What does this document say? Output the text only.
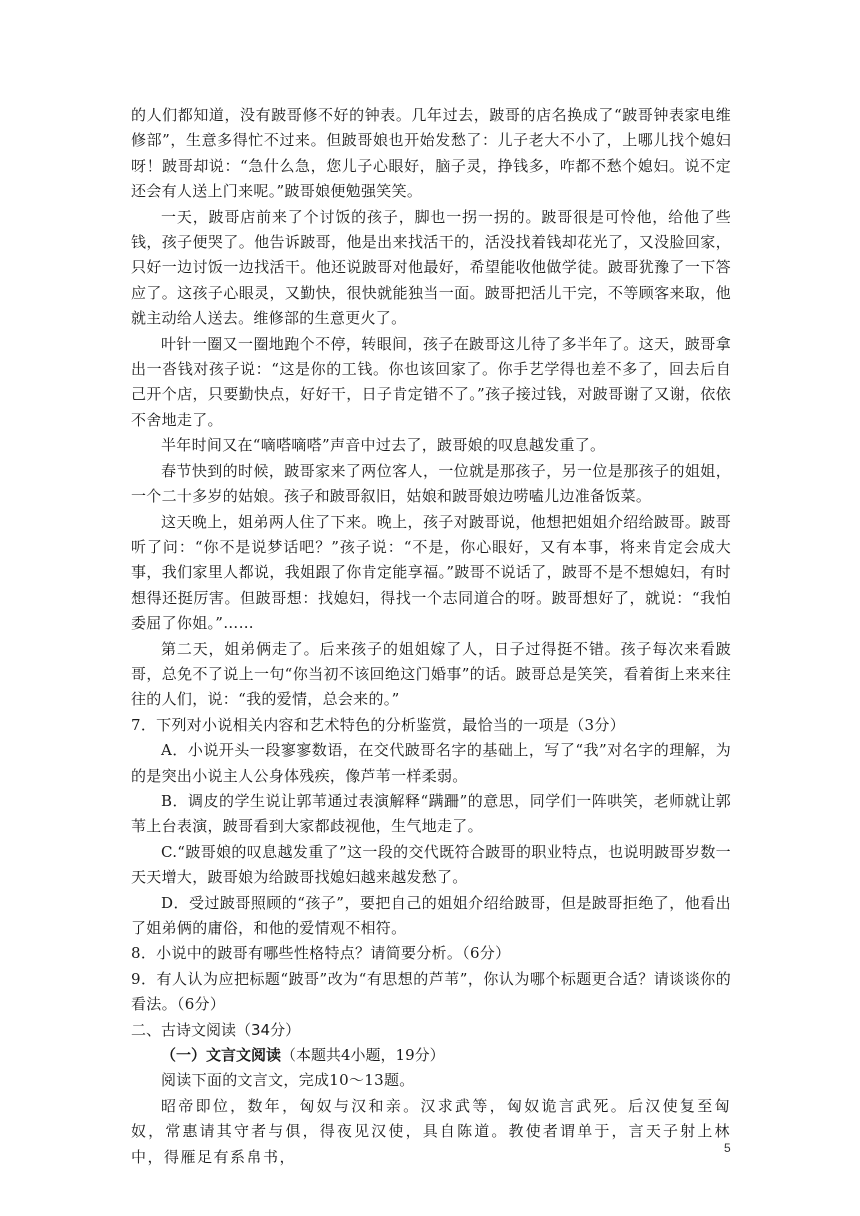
的人们都知道，没有跛哥修不好的钟表。几年过去，跛哥的店名换成了“跛哥钟表家电维修部”，生意多得忙不过来。但跛哥娘也开始发愁了：儿子老大不小了，上哪儿找个媳妇呀！跛哥却说：“急什么急，您儿子心眼好，脑子灵，挣钱多，咋都不愁个媳妇。说不定还会有人送上门来呢。”跛哥娘便勉强笑笑。

一天，跛哥店前来了个讨饭的孩子，脚也一拐一拐的。跛哥很是可怜他，给他了些钱，孩子便哭了。他告诉跛哥，他是出来找活干的，活没找着钱却花光了，又没脸回家，只好一边讨饭一边找活干。他还说跛哥对他最好，希望能收他做学徒。跛哥犹豫了一下答应了。这孩子心眼灵，又勤快，很快就能独当一面。跛哥把活儿干完，不等顾客来取，他就主动给人送去。维修部的生意更火了。

叶针一圈又一圈地跑个不停，转眼间，孩子在跛哥这儿待了多半年了。这天，跛哥拿出一沓钱对孩子说：“这是你的工钱。你也该回家了。你手艺学得也差不多了，回去后自己开个店，只要勤快点，好好干，日子肯定错不了。”孩子接过钱，对跛哥谢了又谢，依依不舍地走了。

半年时间又在“嘀嗒嘀嗒”声音中过去了，跛哥娘的叹息越发重了。

春节快到的时候，跛哥家来了两位客人，一位就是那孩子，另一位是那孩子的姐姐，一个二十多岁的姑娘。孩子和跛哥叙旧，姑娘和跛哥娘边唠嗑儿边准备饭菜。

这天晚上，姐弟两人住了下来。晚上，孩子对跛哥说，他想把姐姐介绍给跛哥。跛哥听了问：“你不是说梦话吧？”孩子说：“不是，你心眼好，又有本事，将来肯定会成大事，我们家里人都说，我姐跟了你肯定能享福。”跛哥不说话了，跛哥不是不想媳妇，有时想得还挺厉害。但跛哥想：找媳妇，得找一个志同道合的呀。跛哥想好了，就说：“我怕委屈了你姐。”……

第二天，姐弟俩走了。后来孩子的姐姐嫁了人，日子过得挺不错。孩子每次来看跛哥，总免不了说上一句“你当初不该回绝这门婚事”的话。跛哥总是笑笑，看着街上来来往往的人们，说：“我的爱情，总会来的。”

7．下列对小说相关内容和艺术特色的分析鉴赏，最恰当的一项是（3分）

A．小说开头一段寥寥数语，在交代跛哥名字的基础上，写了“我”对名字的理解，为的是突出小说主人公身体残疾，像芦苇一样柔弱。

B．调皮的学生说让郭苇通过表演解释“蹒跚”的意思，同学们一阵哄笑，老师就让郭苇上台表演，跛哥看到大家都歧视他，生气地走了。

C.“跛哥娘的叹息越发重了”这一段的交代既符合跛哥的职业特点，也说明跛哥岁数一天天增大，跛哥娘为给跛哥找媳妇越来越发愁了。

D．受过跛哥照顾的“孩子”，要把自己的姐姐介绍给跛哥，但是跛哥拒绝了，他看出了姐弟俩的庸俗，和他的爱情观不相符。

8．小说中的跛哥有哪些性格特点？请简要分析。（6分）

9．有人认为应把标题“跛哥”改为“有思想的芦苇”，你认为哪个标题更合适？请谈谈你的看法。（6分）

二、古诗文阅读（34分）

（一）文言文阅读（本题共4小题，19分）

阅读下面的文言文，完成10～13题。

昭帝即位，数年，匈奴与汉和亲。汉求武等，匈奴诡言武死。后汉使复至匈奴，常惠请其守者与俱，得夜见汉使，具自陈道。教使者谓单于，言天子射上林中，得雁足有系帛书，	5
